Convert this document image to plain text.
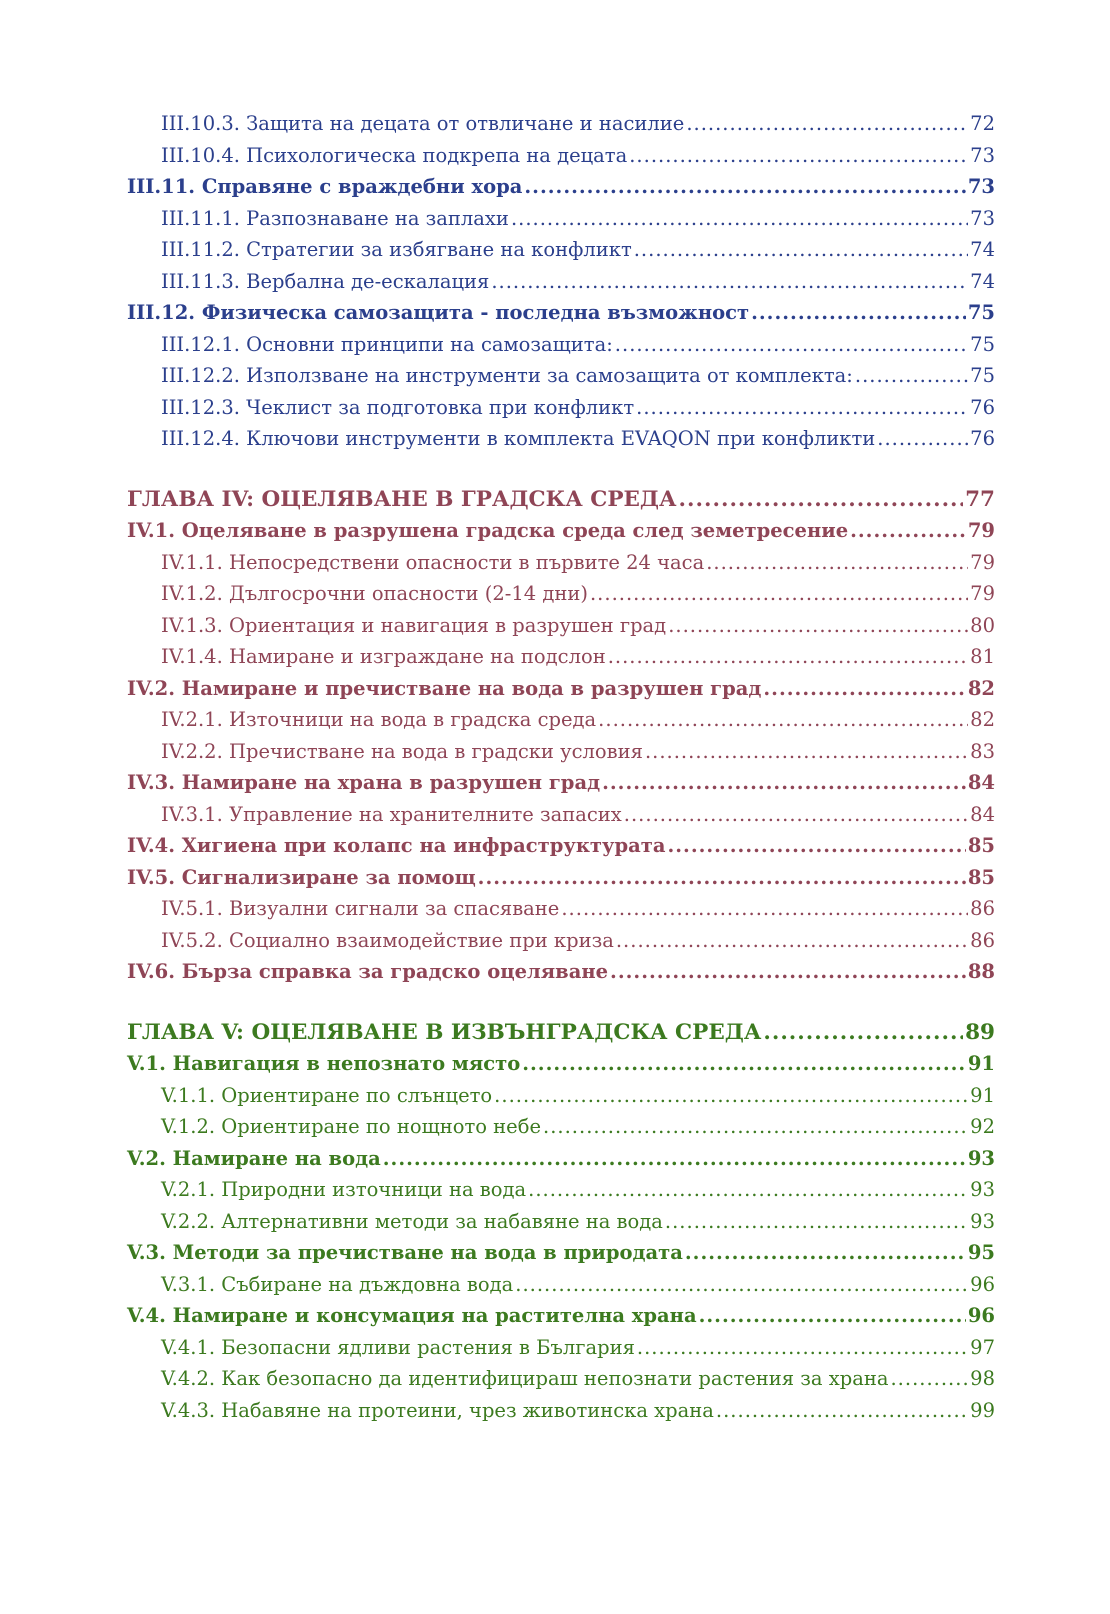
III.10.3. Защита на децата от отвличане и насилие .....	72
III.10.4. Психологическа подкрепа на децата .....	73
III.11. Справяне с враждебни хора .....	73
III.11.1. Разпознаване на заплахи .....	73
III.11.2. Стратегии за избягване на конфликт .....	74
III.11.3. Вербална де-ескалация .....	74
III.12. Физическа самозащита - последна възможност .....	75
III.12.1. Основни принципи на самозащита: .....	75
III.12.2. Използване на инструменти за самозащита от комплекта: .....	75
III.12.3. Чеклист за подготовка при конфликт .....	76
III.12.4. Ключови инструменти в комплекта EVAQON при конфликти .....	76
ГЛАВА IV: ОЦЕЛЯВАНЕ В ГРАДСКА СРЕДА .....	77
IV.1. Оцеляване в разрушена градска среда след земетресение .....	79
IV.1.1. Непосредствени опасности в първите 24 часа .....	79
IV.1.2. Дългосрочни опасности (2-14 дни) .....	79
IV.1.3. Ориентация и навигация в разрушен град .....	80
IV.1.4. Намиране и изграждане на подслон .....	81
IV.2. Намиране и пречистване на вода в разрушен град .....	82
IV.2.1. Източници на вода в градска среда .....	82
IV.2.2. Пречистване на вода в градски условия .....	83
IV.3. Намиране на храна в разрушен град .....	84
IV.3.1. Управление на хранителните запасих .....	84
IV.4. Хигиена при колапс на инфраструктурата .....	85
IV.5. Сигнализиране за помощ .....	85
IV.5.1. Визуални сигнали за спасяване .....	86
IV.5.2. Социално взаимодействие при криза .....	86
IV.6. Бърза справка за градско оцеляване .....	88
ГЛАВА V: ОЦЕЛЯВАНЕ В ИЗВЪНГРАДСКА СРЕДА .....	89
V.1. Навигация в непознато място .....	91
V.1.1. Ориентиране по слънцето .....	91
V.1.2. Ориентиране по нощното небе .....	92
V.2. Намиране на вода .....	93
V.2.1. Природни източници на вода .....	93
V.2.2. Алтернативни методи за набавяне на вода .....	93
V.3. Методи за пречистване на вода в природата .....	95
V.3.1. Събиране на дъждовна вода .....	96
V.4. Намиране и консумация на растителна храна .....	96
V.4.1. Безопасни ядливи растения в България .....	97
V.4.2. Как безопасно да идентифицираш непознати растения за храна .....	98
V.4.3. Набавяне на протеини, чрез животинска храна .....	99
